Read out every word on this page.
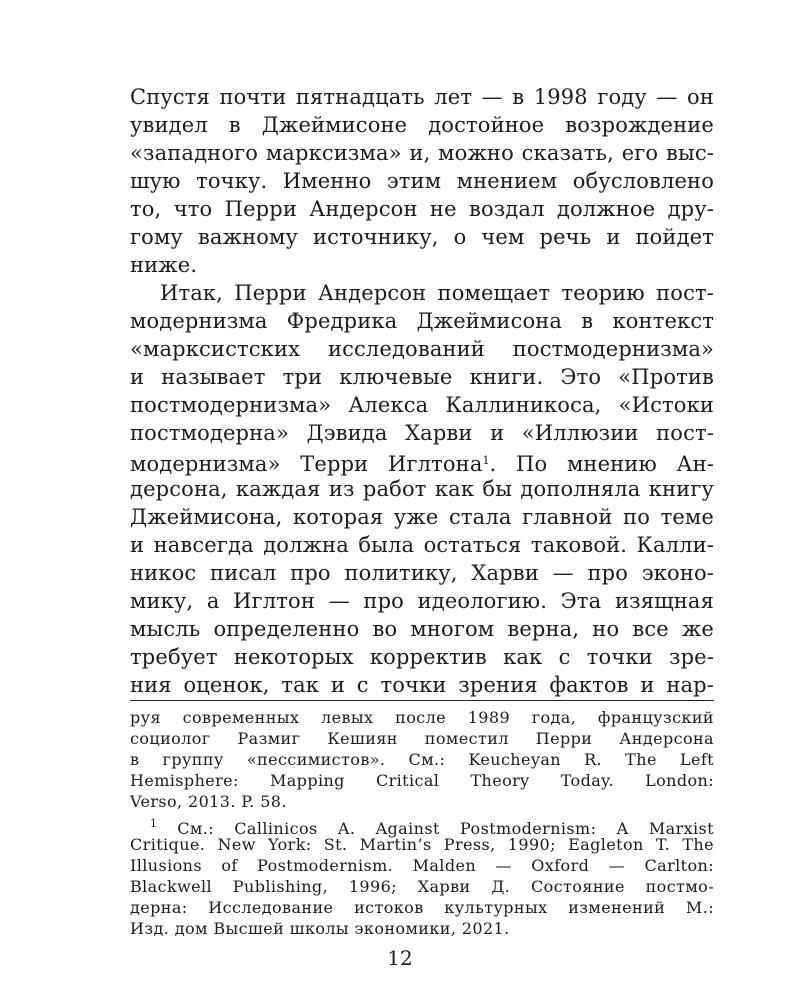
Спустя почти пятнадцать лет — в 1998 году — он
увидел в Джеймисоне достойное возрождение
«западного марксизма» и, можно сказать, его выс-
шую точку. Именно этим мнением обусловлено
то, что Перри Андерсон не воздал должное дру-
гому важному источнику, о чем речь и пойдет
ниже.
Итак, Перри Андерсон помещает теорию пост-
модернизма Фредрика Джеймисона в контекст
«марксистских исследований постмодернизма»
и называет три ключевые книги. Это «Против
постмодернизма» Алекса Каллиникоса, «Истоки
постмодерна» Дэвида Харви и «Иллюзии пост-
модернизма» Терри Иглтона$^1$. По мнению Ан-
дерсона, каждая из работ как бы дополняла книгу
Джеймисона, которая уже стала главной по теме
и навсегда должна была остаться таковой. Калли-
никос писал про политику, Харви — про эконо-
мику, а Иглтон — про идеологию. Эта изящная
мысль определенно во многом верна, но все же
требует некоторых корректив как с точки зре-
ния оценок, так и с точки зрения фактов и нар-
руя современных левых после 1989 года, французский
социолог Размиг Кешиян поместил Перри Андерсона
в группу «пессимистов». См.: Keucheyan R. The Left
Hemisphere: Mapping Critical Theory Today. London:
Verso, 2013. P. 58.
$^1$ См.: Callinicos A. Against Postmodernism: A Marxist
Critique. New York: St. Martin’s Press, 1990; Eagleton T. The
Illusions of Postmodernism. Malden — Oxford — Carlton:
Blackwell Publishing, 1996; Харви Д. Состояние постмо-
дерна: Исследование истоков культурных изменений М.:
Изд. дом Высшей школы экономики, 2021.
12
